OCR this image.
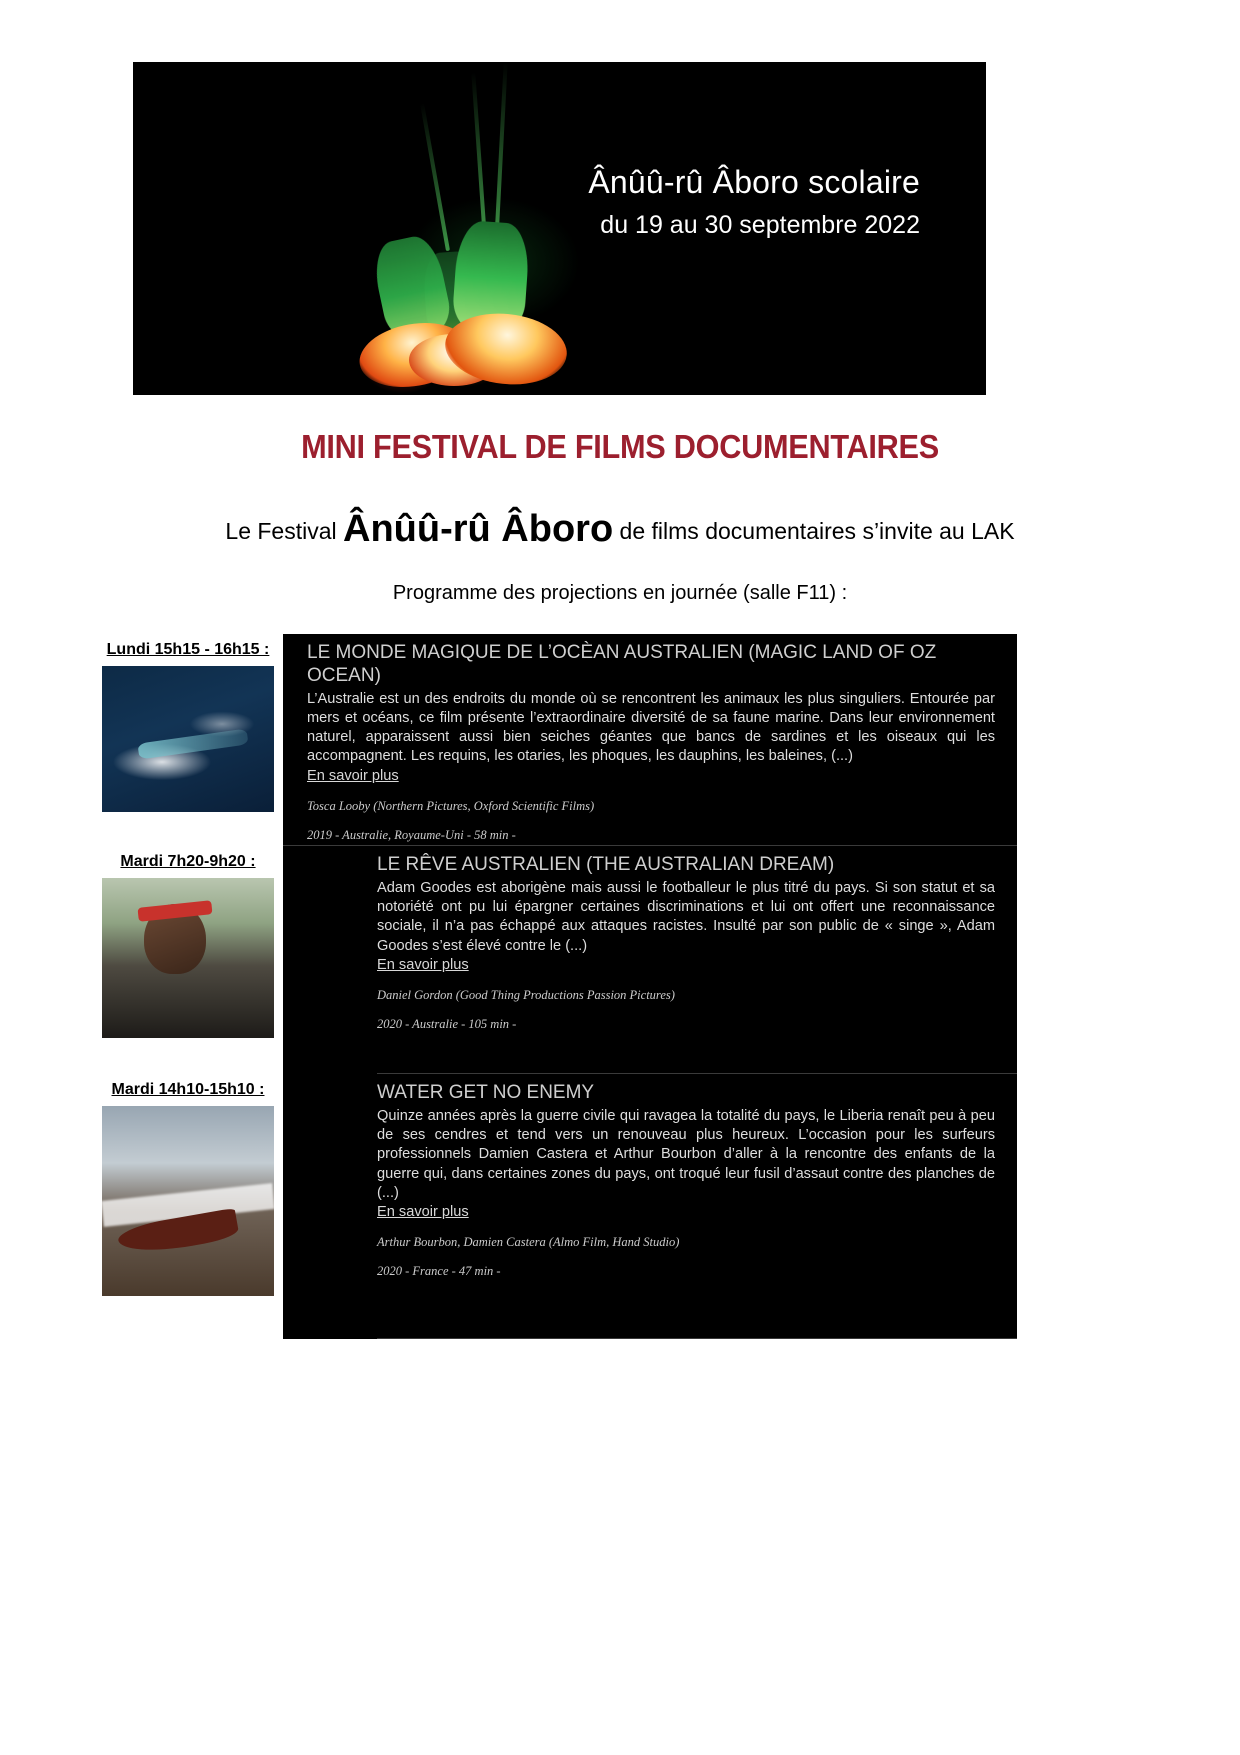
Ânûû-rû Âboro scolaire
du 19 au 30 septembre 2022
MINI FESTIVAL DE FILMS DOCUMENTAIRES
Le Festival Ânûû-rû Âboro de films documentaires s’invite au LAK
Programme des projections en journée (salle F11) :
Lundi 15h15 - 16h15 :	LE MONDE MAGIQUE DE L’OCÈAN AUSTRALIEN (MAGIC LAND OF OZ OCEAN)
L’Australie est un des endroits du monde où se rencontrent les animaux les plus singuliers. Entourée par mers et océans, ce film présente l’extraordinaire diversité de sa faune marine. Dans leur environnement naturel, apparaissent aussi bien seiches géantes que bancs de sardines et les oiseaux qui les accompagnent. Les requins, les otaries, les phoques, les dauphins, les baleines, (...)
En savoir plus
Tosca Looby (Northern Pictures, Oxford Scientific Films)
2019 - Australie, Royaume-Uni - 58 min -
Mardi 7h20-9h20 :	LE RÊVE AUSTRALIEN (THE AUSTRALIAN DREAM)
Adam Goodes est aborigène mais aussi le footballeur le plus titré du pays. Si son statut et sa notoriété ont pu lui épargner certaines discriminations et lui ont offert une reconnaissance sociale, il n’a pas échappé aux attaques racistes. Insulté par son public de « singe », Adam Goodes s’est élevé contre le (...)
En savoir plus
Daniel Gordon (Good Thing Productions Passion Pictures)
2020 - Australie - 105 min -
Mardi 14h10-15h10 :	WATER GET NO ENEMY
Quinze années après la guerre civile qui ravagea la totalité du pays, le Liberia renaît peu à peu de ses cendres et tend vers un renouveau plus heureux. L’occasion pour les surfeurs professionnels Damien Castera et Arthur Bourbon d’aller à la rencontre des enfants de la guerre qui, dans certaines zones du pays, ont troqué leur fusil d’assaut contre des planches de (...)
En savoir plus
Arthur Bourbon, Damien Castera (Almo Film, Hand Studio)
2020 - France - 47 min -
